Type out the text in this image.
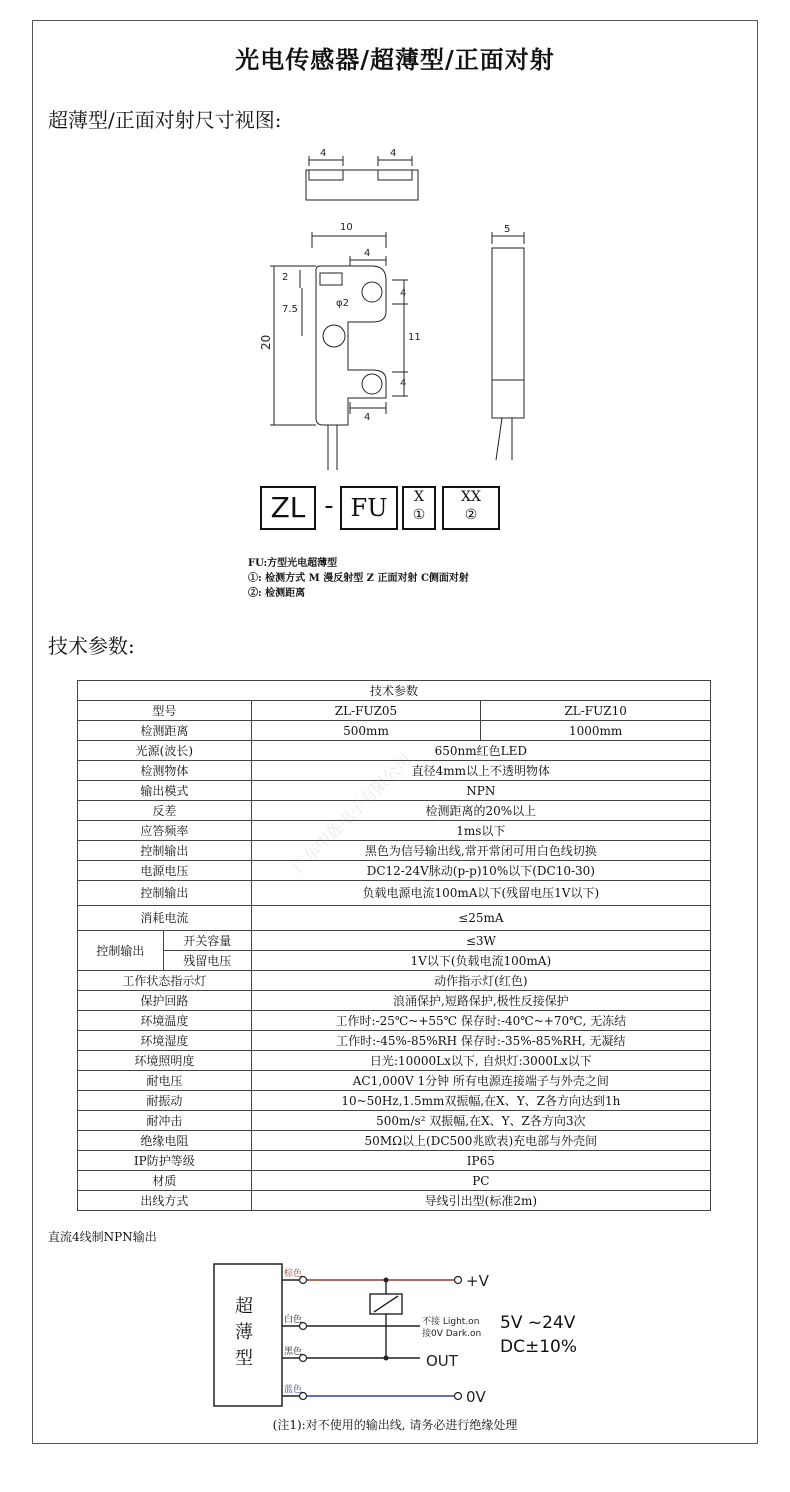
光电传感器/超薄型/正面对射
超薄型/正面对射尺寸视图:
4	4
10
4
2
7.5
φ2
4
11
4
4
5
20
ZL - FU	X
①
XX
②
FU:方型光电超薄型
①: 检测方式 M 漫反射型 Z 正面对射 C侧面对射
②: 检测距离
技术参数:
技术参数			
型号		ZL-FUZ05	ZL-FUZ10
检测距离		500mm	1000mm
光源(波长)		650nm红色LED	
检测物体		直径4mm以上不透明物体	
输出模式		NPN	
反差		检测距离的20%以上	
应答频率		1ms以下	
控制输出		黑色为信号输出线,常开常闭可用白色线切换	
电源电压		DC12-24V脉动(p-p)10%以下(DC10-30)	
控制输出		负载电源电流100mA以下(残留电压1V以下)	
消耗电流		≤25mA	
控制输出	开关容量	≤3W	
	残留电压	1V以下(负载电流100mA)	
工作状态指示灯		动作指示灯(红色)	
保护回路		浪涌保护,短路保护,极性反接保护	
环境温度		工作时:-25℃~+55℃ 保存时:-40℃~+70℃, 无冻结	
环境湿度		工作时:-45%-85%RH 保存时:-35%-85%RH, 无凝结	
环境照明度		日光:10000Lx以下, 自炽灯:3000Lx以下	
耐电压		AC1,000V 1分钟 所有电源连接端子与外壳之间	
耐振动		10~50Hz,1.5mm双振幅,在X、Y、Z各方向达到1h	
耐冲击		500m/s² 双振幅,在X、Y、Z各方向3次	
绝缘电阻		50MΩ以上(DC500兆欧表)充电部与外壳间	
IP防护等级		IP65	
材质		PC	
出线方式		导线引出型(标准2m)	
广东中莲电子有限公司
直流4线制NPN输出
超
薄
型
棕色
白色
黑色
蓝色
不接 Light.on
接0V Dark.on
+V
OUT
0V
5V ~24V
DC±10%
(注1):对不使用的输出线, 请务必进行绝缘处理
